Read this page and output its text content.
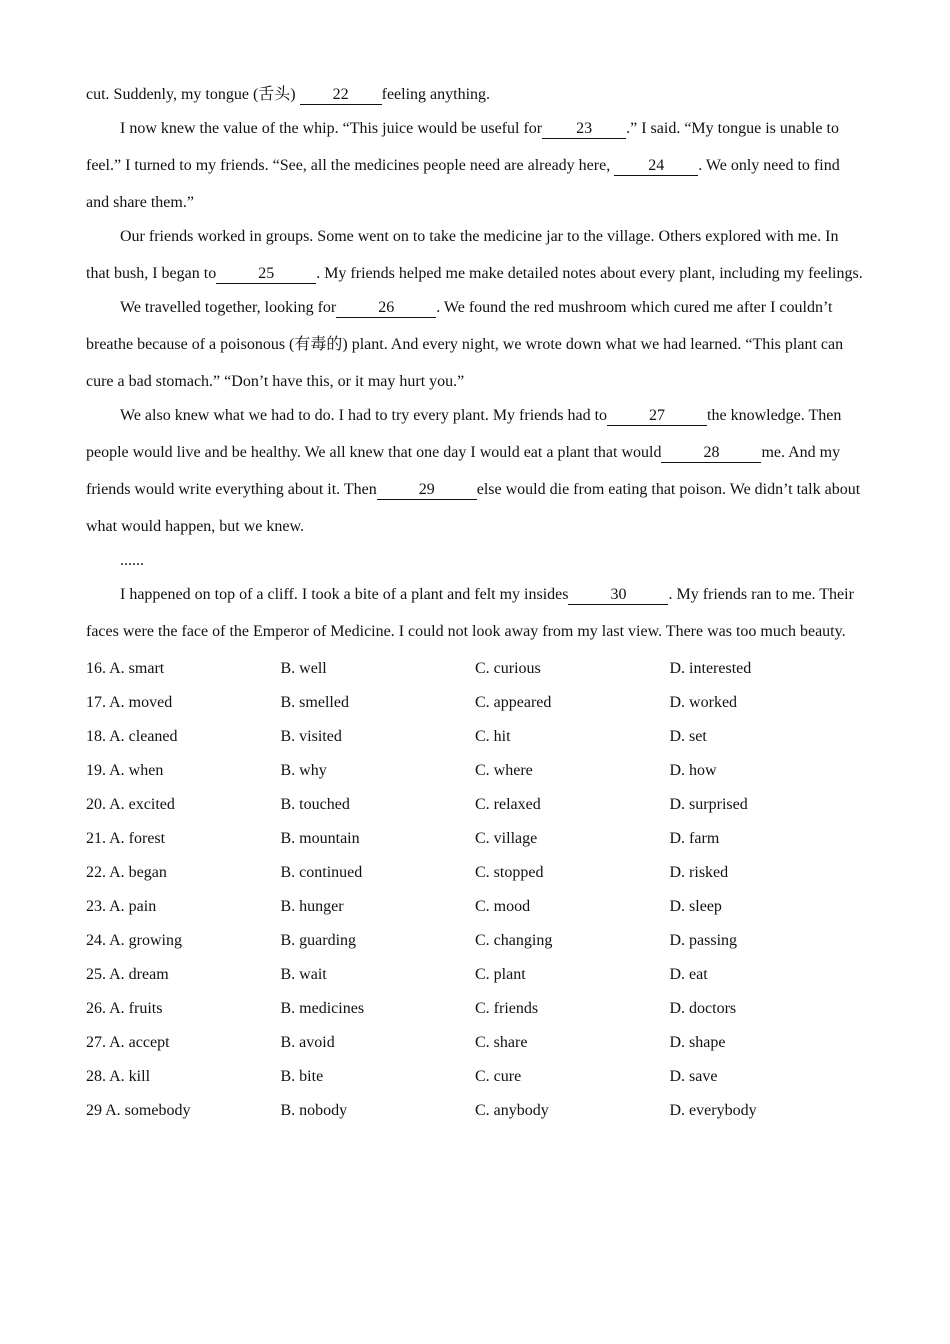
cut. Suddenly, my tongue (舌头) 22 feeling anything.

I now knew the value of the whip. “This juice would be useful for 23 .” I said. “My tongue is unable to feel.” I turned to my friends. “See, all the medicines people need are already here, 24 . We only need to find and share them.”

Our friends worked in groups. Some went on to take the medicine jar to the village. Others explored with me. In that bush, I began to	25	. My friends helped me make detailed notes about every plant, including my feelings.

We travelled together, looking for	26	. We found the red mushroom which cured me after I couldn’t breathe because of a poisonous (有毒的) plant. And every night, we wrote down what we had learned. “This plant can cure a bad stomach.” “Don’t have this, or it may hurt you.”

We also knew what we had to do. I had to try every plant. My friends had to	27	the knowledge. Then people would live and be healthy. We all knew that one day I would eat a plant that would	28	me. And my friends would write everything about it. Then	29	else would die from eating that poison. We didn’t talk about what would happen, but we knew.

......

I happened on top of a cliff. I took a bite of a plant and felt my insides	30	. My friends ran to me. Their faces were the face of the Emperor of Medicine. I could not look away from my last view. There was too much beauty.

16. A. smart	B. well	C. curious	D. interested
17. A. moved	B. smelled	C. appeared	D. worked
18. A. cleaned	B. visited	C. hit	D. set
19. A. when	B. why	C. where	D. how
20. A. excited	B. touched	C. relaxed	D. surprised
21. A. forest	B. mountain	C. village	D. farm
22. A. began	B. continued	C. stopped	D. risked
23. A. pain	B. hunger	C. mood	D. sleep
24. A. growing	B. guarding	C. changing	D. passing
25. A. dream	B. wait	C. plant	D. eat
26. A. fruits	B. medicines	C. friends	D. doctors
27. A. accept	B. avoid	C. share	D. shape
28. A. kill	B. bite	C. cure	D. save
29 A. somebody	B. nobody	C. anybody	D. everybody
